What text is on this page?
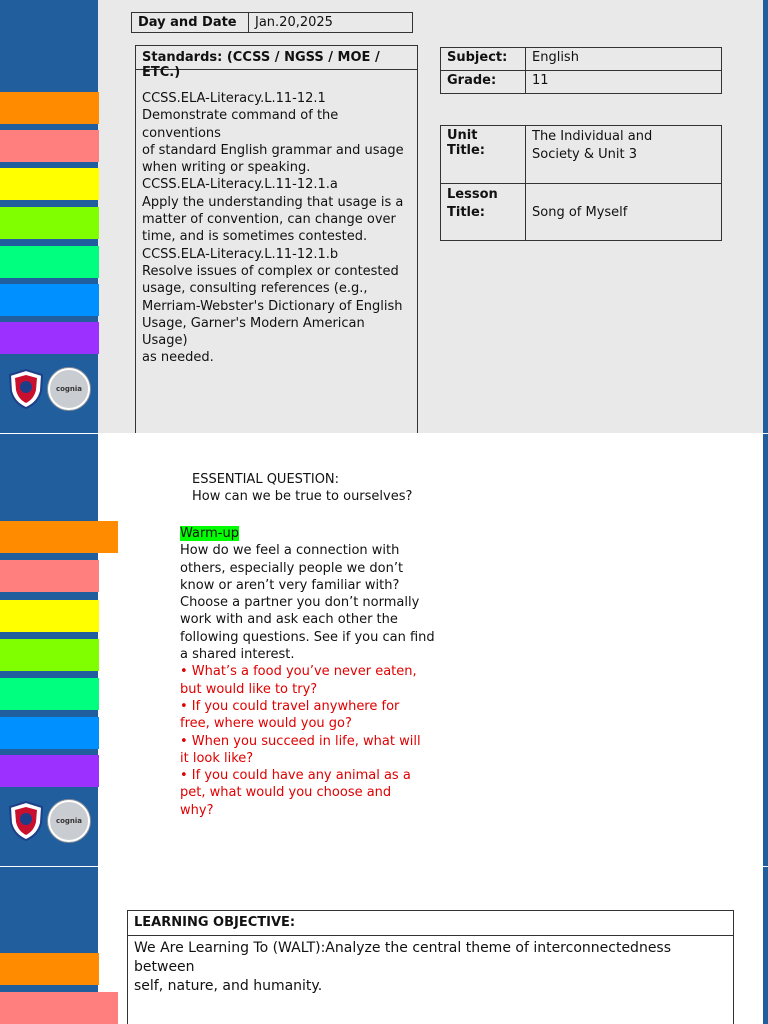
cognia
Day and Date	Jan.20,2025
Standards: (CCSS / NGSS / MOE / ETC.)
CCSS.ELA-Literacy.L.11-12.1
Demonstrate command of the conventions
of standard English grammar and usage
when writing or speaking.
CCSS.ELA-Literacy.L.11-12.1.a
Apply the understanding that usage is a
matter of convention, can change over
time, and is sometimes contested.
CCSS.ELA-Literacy.L.11-12.1.b
Resolve issues of complex or contested
usage, consulting references (e.g.,
Merriam-Webster's Dictionary of English
Usage, Garner's Modern American Usage)
as needed.
Subject:	English
Grade:	11
Unit Title:	The Individual and
Society & Unit 3

Lesson
Title:	Song of Myself
cognia
ESSENTIAL QUESTION:
How can we be true to ourselves?
Warm-up
How do we feel a connection with
others, especially people we don’t
know or aren’t very familiar with?
Choose a partner you don’t normally
work with and ask each other the
following questions. See if you can find
a shared interest.
• What’s a food you’ve never eaten,
but would like to try?
• If you could travel anywhere for
free, where would you go?
• When you succeed in life, what will
it look like?
• If you could have any animal as a
pet, what would you choose and
why?
LEARNING OBJECTIVE:
We Are Learning To (WALT):Analyze the central theme of interconnectedness between
self, nature, and humanity.
